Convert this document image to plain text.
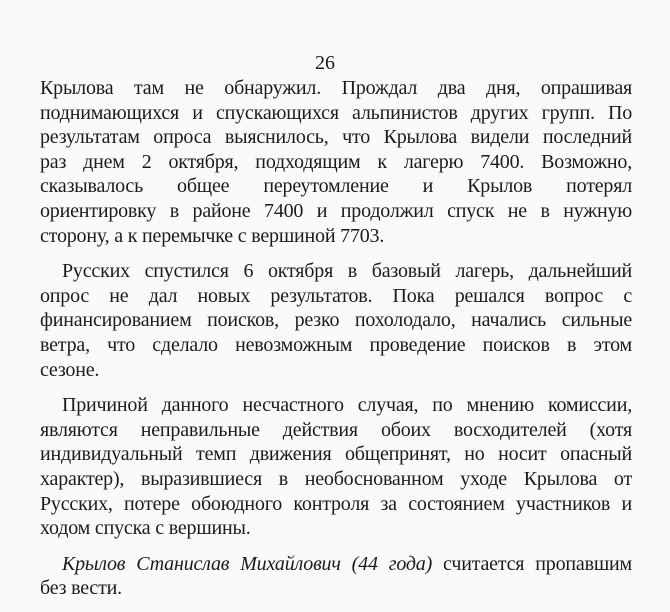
26
Крылова там не обнаружил. Прождал два дня, опрашивая
поднимающихся и спускающихся альпинистов других групп. По
результатам опроса выяснилось, что Крылова видели последний
раз днем 2 октября, подходящим к лагерю 7400. Возможно,
сказывалось общее переутомление и Крылов потерял
ориентировку в районе 7400 и продолжил спуск не в нужную
сторону, а к перемычке с вершиной 7703.
Русских спустился 6 октября в базовый лагерь, дальнейший
опрос не дал новых результатов. Пока решался вопрос с
финансированием поисков, резко похолодало, начались сильные
ветра, что сделало невозможным проведение поисков в этом
сезоне.
Причиной данного несчастного случая, по мнению комиссии,
являются неправильные действия обоих восходителей (хотя
индивидуальный темп движения общепринят, но носит опасный
характер), выразившиеся в необоснованном уходе Крылова от
Русских, потере обоюдного контроля за состоянием участников и
ходом спуска с вершины.
Крылов Станислав Михайлович (44 года) считается пропавшим
без вести.
